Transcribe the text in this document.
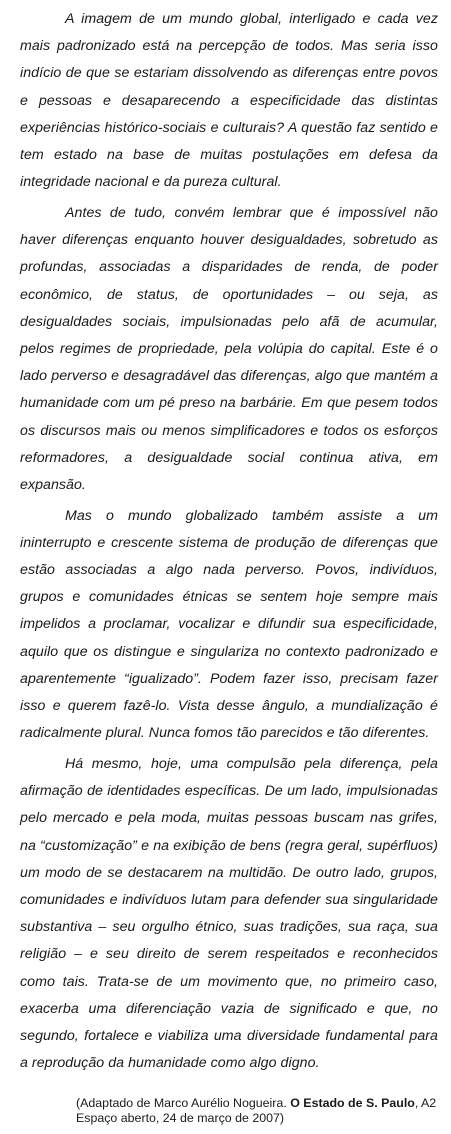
A imagem de um mundo global, interligado e cada vez mais padronizado está na percepção de todos. Mas seria isso indício de que se estariam dissolvendo as diferenças entre povos e pessoas e desaparecendo a especificidade das distintas experiências histórico-sociais e culturais? A questão faz sentido e tem estado na base de muitas postulações em defesa da integridade nacional e da pureza cultural.

Antes de tudo, convém lembrar que é impossível não haver diferenças enquanto houver desigualdades, sobretudo as profundas, associadas a disparidades de renda, de poder econômico, de status, de oportunidades – ou seja, as desigualdades sociais, impulsionadas pelo afã de acumular, pelos regimes de propriedade, pela volúpia do capital. Este é o lado perverso e desagradável das diferenças, algo que mantém a humanidade com um pé preso na barbárie. Em que pesem todos os discursos mais ou menos simplificadores e todos os esforços reformadores, a desigualdade social continua ativa, em expansão.

Mas o mundo globalizado também assiste a um ininterrupto e crescente sistema de produção de diferenças que estão associadas a algo nada perverso. Povos, indivíduos, grupos e comunidades étnicas se sentem hoje sempre mais impelidos a proclamar, vocalizar e difundir sua especificidade, aquilo que os distingue e singulariza no contexto padronizado e aparentemente “igualizado”. Podem fazer isso, precisam fazer isso e querem fazê-lo. Vista desse ângulo, a mundialização é radicalmente plural. Nunca fomos tão parecidos e tão diferentes.

Há mesmo, hoje, uma compulsão pela diferença, pela afirmação de identidades específicas. De um lado, impulsionadas pelo mercado e pela moda, muitas pessoas buscam nas grifes, na “customização” e na exibição de bens (regra geral, supérfluos) um modo de se destacarem na multidão. De outro lado, grupos, comunidades e indivíduos lutam para defender sua singularidade substantiva – seu orgulho étnico, suas tradições, sua raça, sua religião – e seu direito de serem respeitados e reconhecidos como tais. Trata-se de um movimento que, no primeiro caso, exacerba uma diferenciação vazia de significado e que, no segundo, fortalece e viabiliza uma diversidade fundamental para a reprodução da humanidade como algo digno.

(Adaptado de Marco Aurélio Nogueira. O Estado de S. Paulo, A2 Espaço aberto, 24 de março de 2007)
